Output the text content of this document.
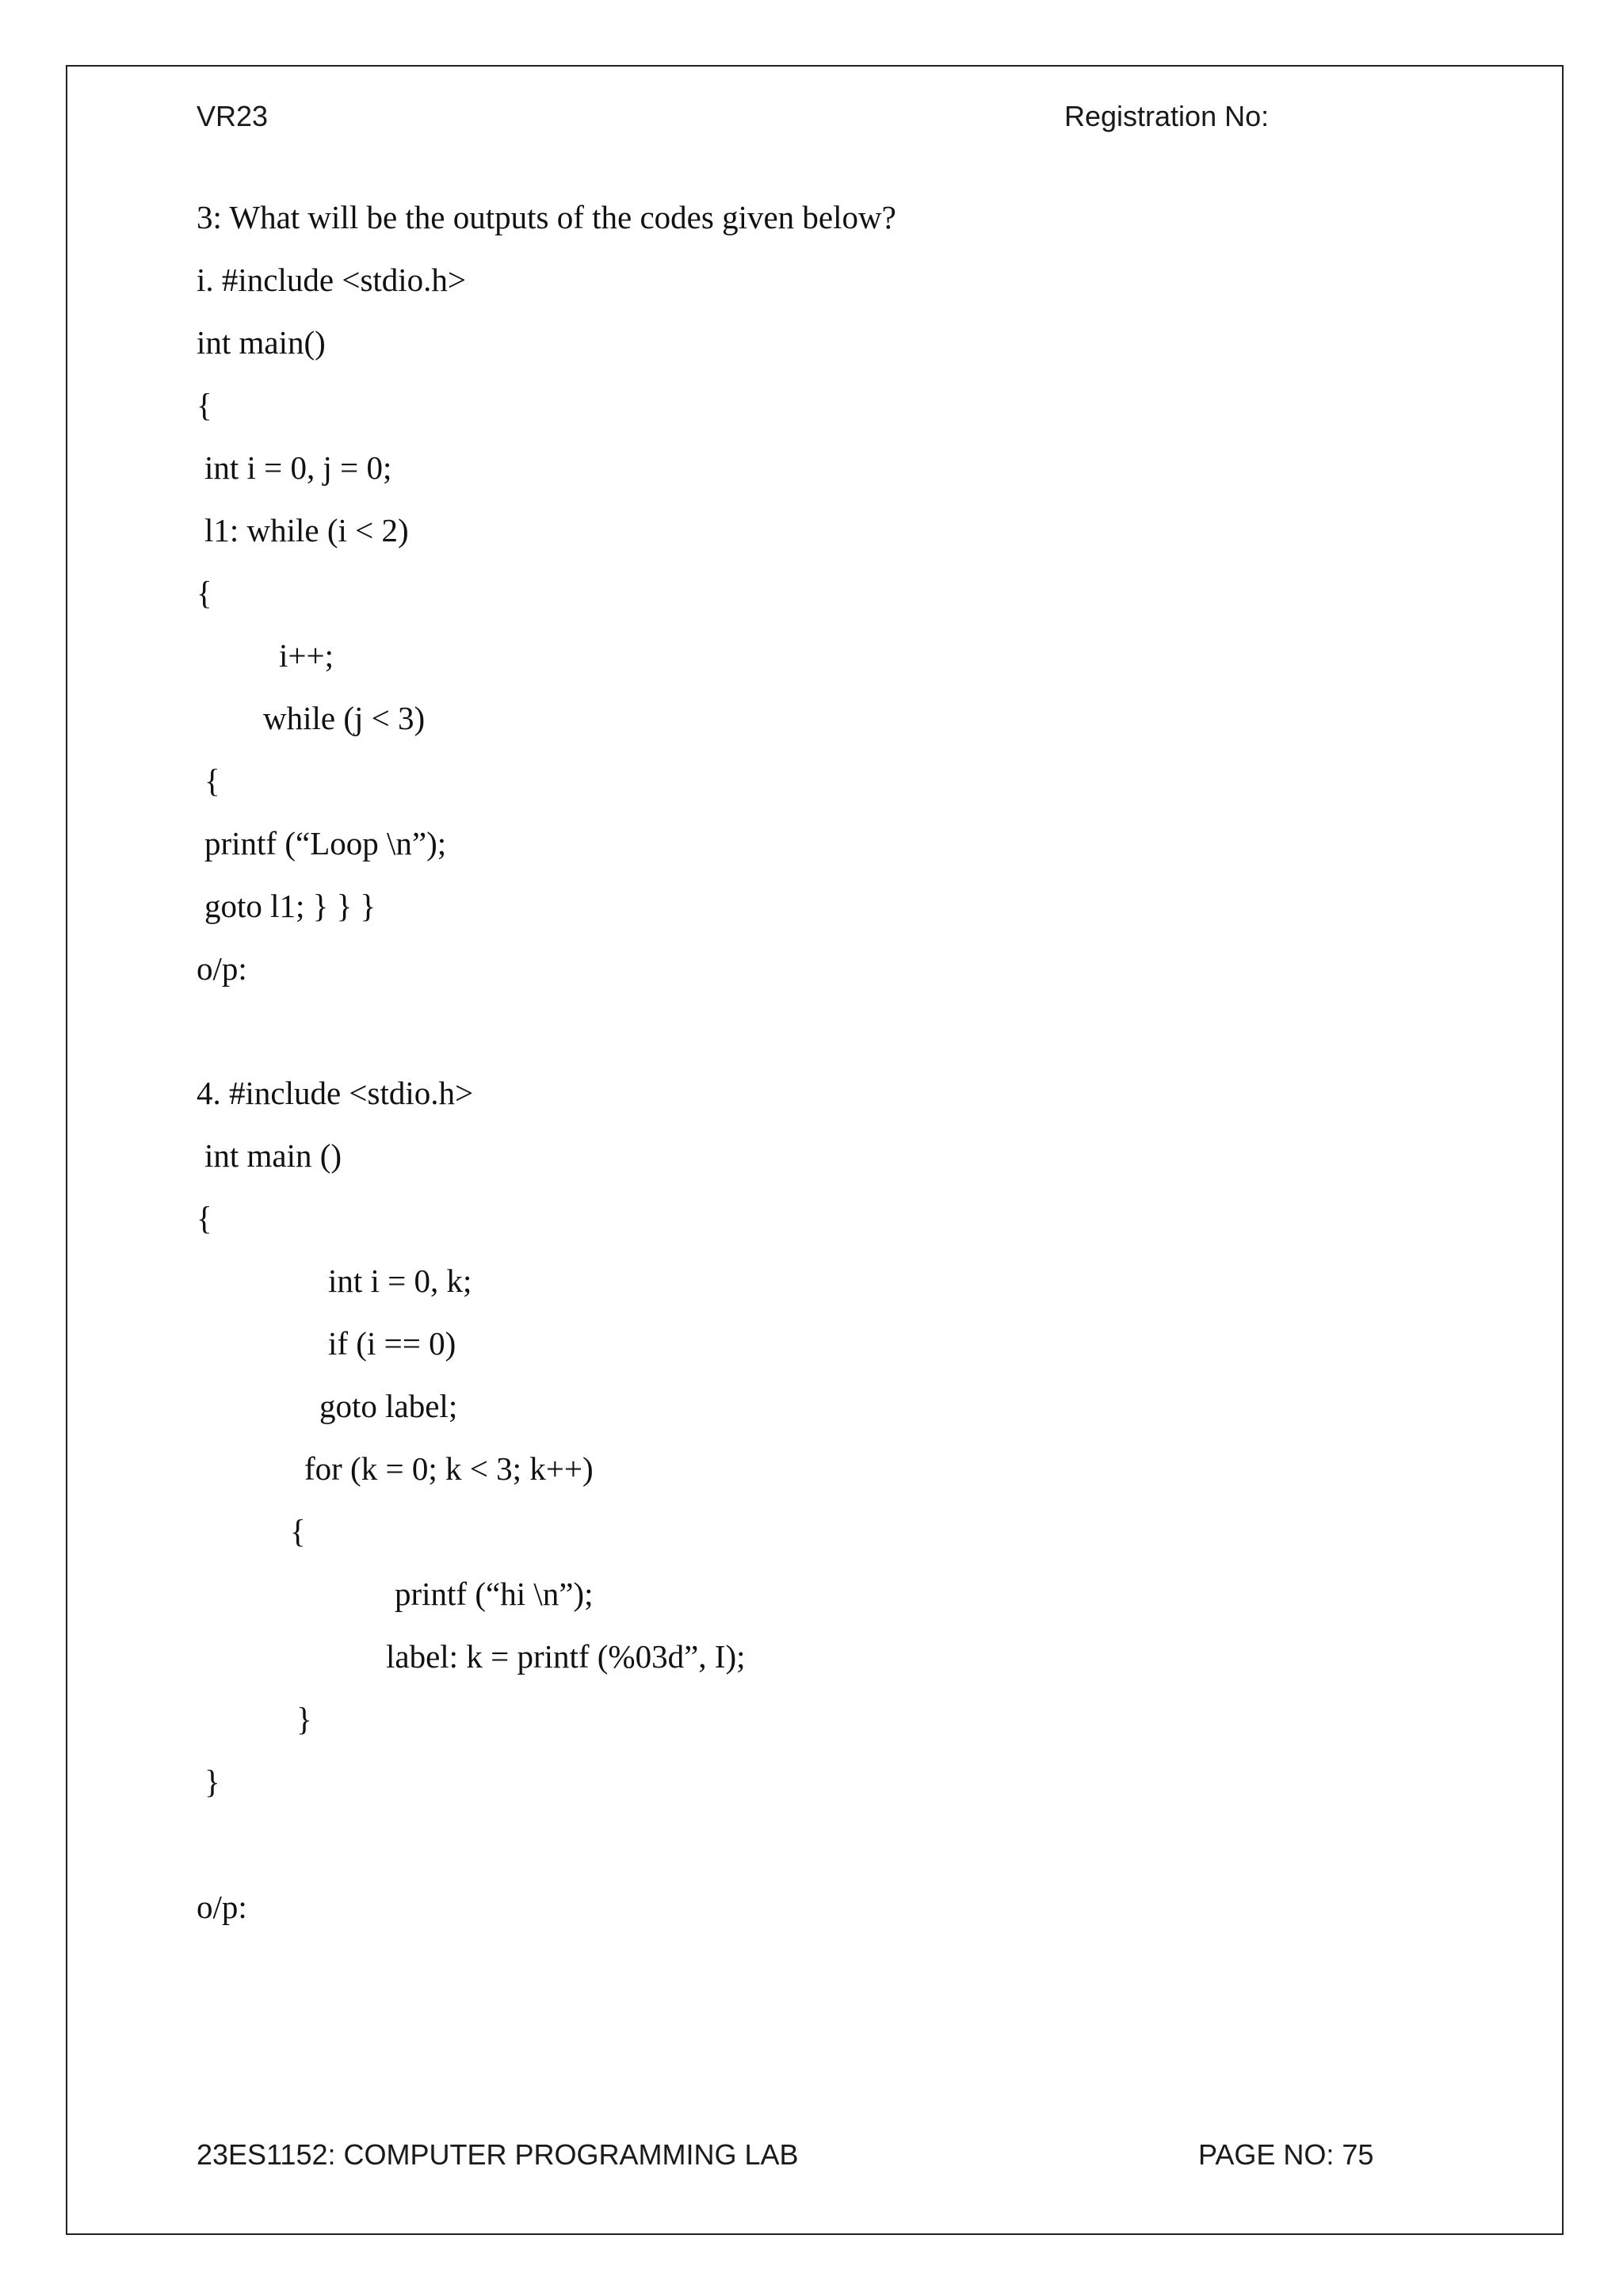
VR23	Registration No:
3: What will be the outputs of the codes given below?
i. #include <stdio.h>
int main()
{
int i = 0, j = 0;
l1: while (i < 2)
{
i++;
while (j < 3)
{
printf (“Loop \n”);
goto l1; } } }
o/p:
4. #include <stdio.h>
int main ()
{
int i = 0, k;
if (i == 0)
goto label;
for (k = 0; k < 3; k++)
{
printf (“hi \n”);
label: k = printf (%03d”, I);
}
}
o/p:
23ES1152: COMPUTER PROGRAMMING LAB	PAGE NO: 75
